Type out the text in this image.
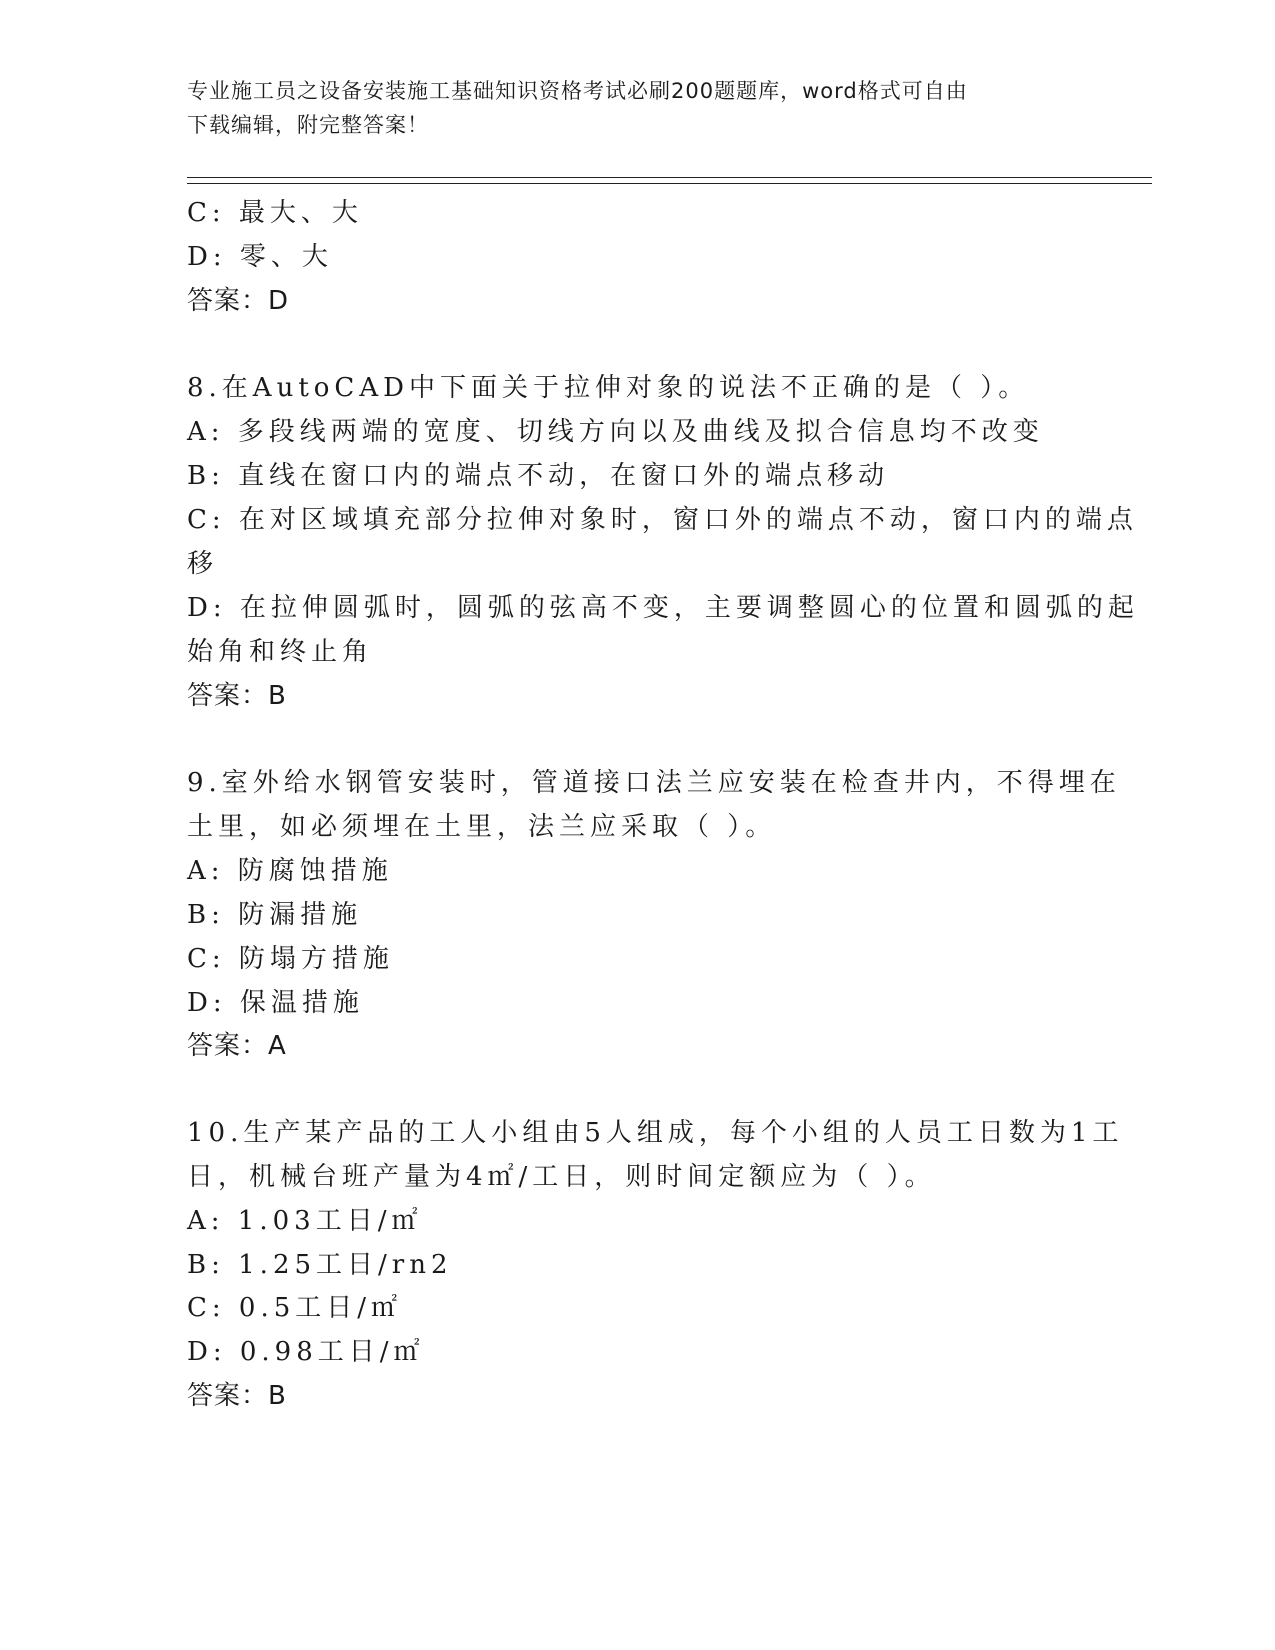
专业施工员之设备安装施工基础知识资格考试必刷200题题库，word格式可自由
下载编辑，附完整答案！
C: 最大、大
D: 零、大
答案：D
8.在AutoCAD中下面关于拉伸对象的说法不正确的是（ ）。
A: 多段线两端的宽度、切线方向以及曲线及拟合信息均不改变
B: 直线在窗口内的端点不动，在窗口外的端点移动
C: 在对区域填充部分拉伸对象时，窗口外的端点不动，窗口内的端点
移
D: 在拉伸圆弧时，圆弧的弦高不变，主要调整圆心的位置和圆弧的起
始角和终止角
答案：B
9.室外给水钢管安装时，管道接口法兰应安装在检查井内，不得埋在
土里，如必须埋在土里，法兰应采取（ ）。
A: 防腐蚀措施
B: 防漏措施
C: 防塌方措施
D: 保温措施
答案：A
10.生产某产品的工人小组由5人组成，每个小组的人员工日数为1工
日，机械台班产量为4㎡/工日，则时间定额应为（ ）。
A: 1.03工日/㎡
B: 1.25工日/rn2
C: 0.5工日/㎡
D: 0.98工日/㎡
答案：B
